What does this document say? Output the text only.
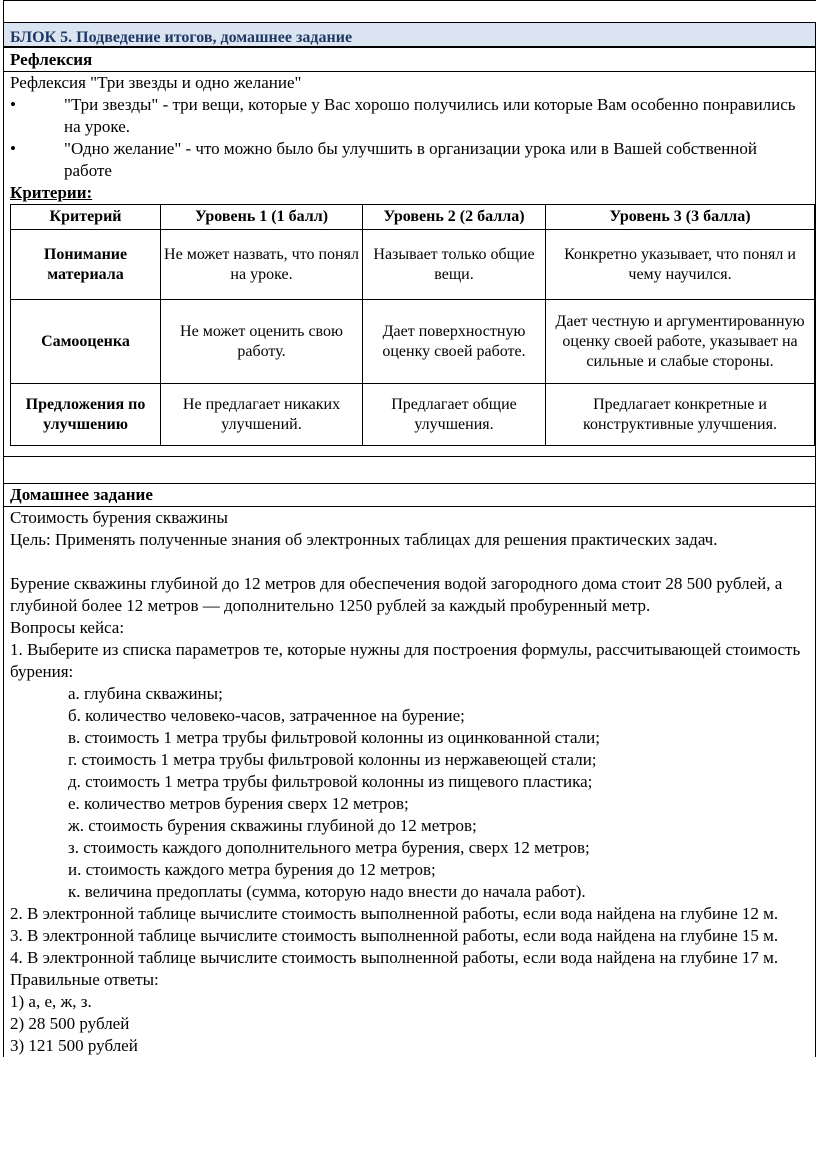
БЛОК 5. Подведение итогов, домашнее задание
Рефлексия
Рефлексия "Три звезды и одно желание"
•	"Три звезды" - три вещи, которые у Вас хорошо получились или которые Вам особенно понравились на уроке.
•	"Одно желание" - что можно было бы улучшить в организации урока или в Вашей собственной работе
Критерии:
Критерий	Уровень 1 (1 балл)	Уровень 2 (2 балла)	Уровень 3 (3 балла)
Понимание материала	Не может назвать, что понял на уроке.	Называет только общие вещи.	Конкретно указывает, что понял и чему научился.
Самооценка	Не может оценить свою работу.	Дает поверхностную оценку своей работе.	Дает честную и аргументированную оценку своей работе, указывает на сильные и слабые стороны.
Предложения по улучшению	Не предлагает никаких улучшений.	Предлагает общие улучшения.	Предлагает конкретные и конструктивные улучшения.
Домашнее задание
Стоимость бурения скважины
Цель: Применять полученные знания об электронных таблицах для решения практических задач.
Бурение скважины глубиной до 12 метров для обеспечения водой загородного дома стоит 28 500 рублей, а глубиной более 12 метров — дополнительно 1250 рублей за каждый пробуренный метр.
Вопросы кейса:
1. Выберите из списка параметров те, которые нужны для построения формулы, рассчитывающей стоимость бурения:
а. глубина скважины;
б. количество человеко-часов, затраченное на бурение;
в. стоимость 1 метра трубы фильтровой колонны из оцинкованной стали;
г. стоимость 1 метра трубы фильтровой колонны из нержавеющей стали;
д. стоимость 1 метра трубы фильтровой колонны из пищевого пластика;
е. количество метров бурения сверх 12 метров;
ж. стоимость бурения скважины глубиной до 12 метров;
з. стоимость каждого дополнительного метра бурения, сверх 12 метров;
и. стоимость каждого метра бурения до 12 метров;
к. величина предоплаты (сумма, которую надо внести до начала работ).
2. В электронной таблице вычислите стоимость выполненной работы, если вода найдена на глубине 12 м.
3. В электронной таблице вычислите стоимость выполненной работы, если вода найдена на глубине 15 м.
4. В электронной таблице вычислите стоимость выполненной работы, если вода найдена на глубине 17 м.
Правильные ответы:
1) а, е, ж, з.
2) 28 500 рублей
3) 121 500 рублей
